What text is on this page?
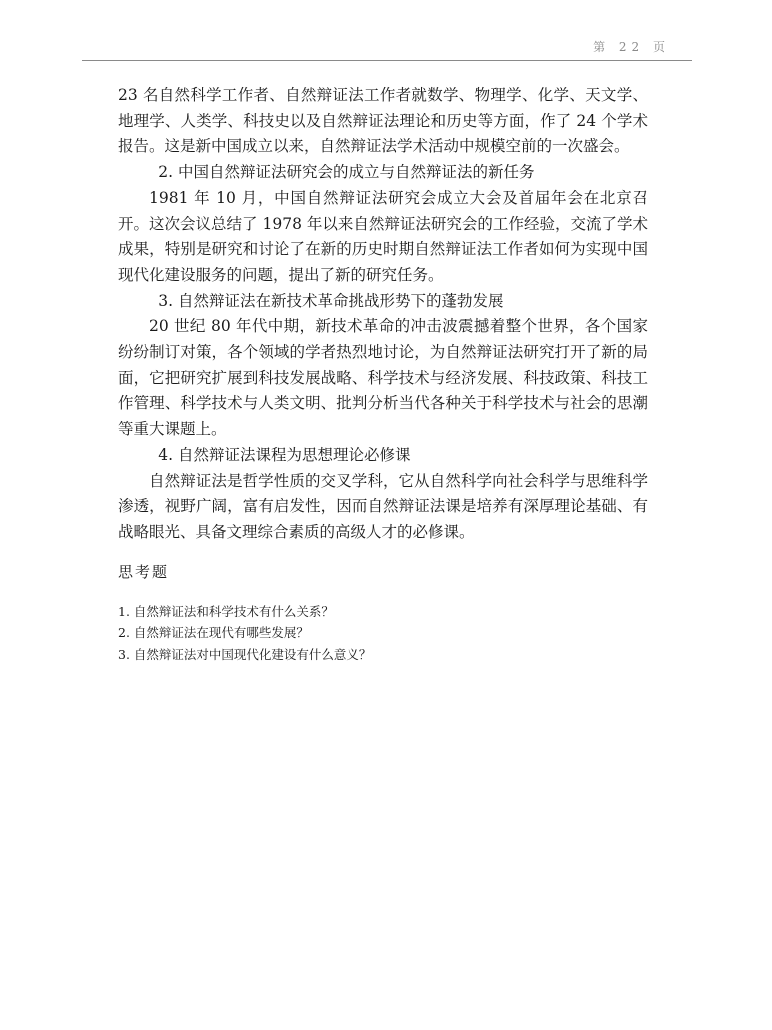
第 22 页

23 名自然科学工作者、自然辩证法工作者就数学、物理学、化学、天文学、地理学、人类学、科技史以及自然辩证法理论和历史等方面，作了 24 个学术报告。这是新中国成立以来，自然辩证法学术活动中规模空前的一次盛会。

2. 中国自然辩证法研究会的成立与自然辩证法的新任务

1981 年 10 月，中国自然辩证法研究会成立大会及首届年会在北京召开。这次会议总结了 1978 年以来自然辩证法研究会的工作经验，交流了学术成果，特别是研究和讨论了在新的历史时期自然辩证法工作者如何为实现中国现代化建设服务的问题，提出了新的研究任务。

3. 自然辩证法在新技术革命挑战形势下的蓬勃发展

20 世纪 80 年代中期，新技术革命的冲击波震撼着整个世界，各个国家纷纷制订对策，各个领域的学者热烈地讨论，为自然辩证法研究打开了新的局面，它把研究扩展到科技发展战略、科学技术与经济发展、科技政策、科技工作管理、科学技术与人类文明、批判分析当代各种关于科学技术与社会的思潮等重大课题上。

4. 自然辩证法课程为思想理论必修课

自然辩证法是哲学性质的交叉学科，它从自然科学向社会科学与思维科学渗透，视野广阔，富有启发性，因而自然辩证法课是培养有深厚理论基础、有战略眼光、具备文理综合素质的高级人才的必修课。

思考题
1. 自然辩证法和科学技术有什么关系？
2. 自然辩证法在现代有哪些发展？
3. 自然辩证法对中国现代化建设有什么意义？
